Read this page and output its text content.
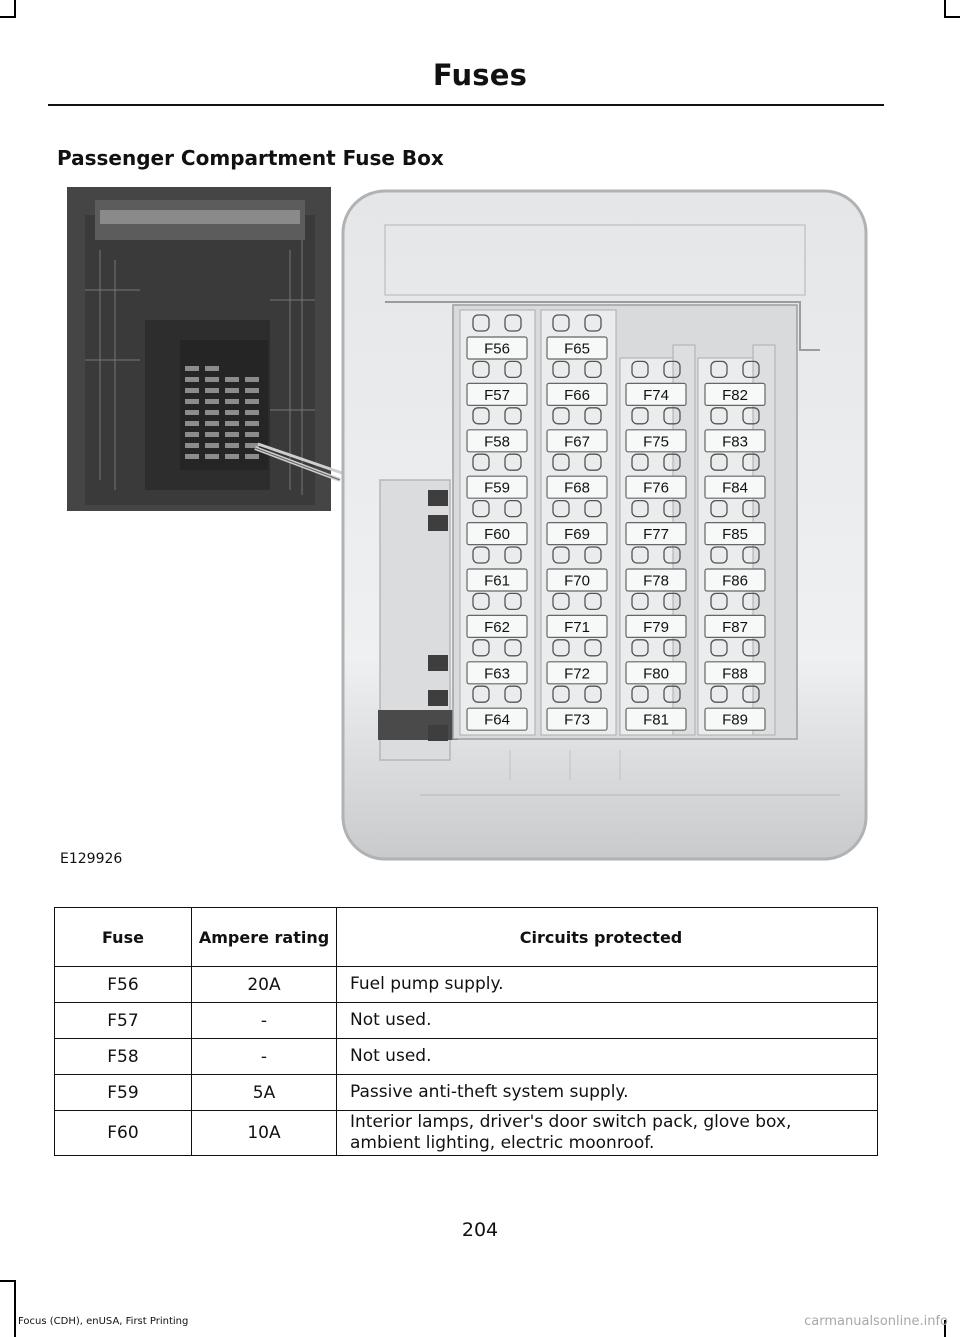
Fuses
Passenger Compartment Fuse Box
F56
F57
F58
F59
F60
F61
F62
F63
F64
F65
F66
F67
F68
F69
F70
F71
F72
F73
F74
F75
F76
F77
F78
F79
F80
F81
F82
F83
F84
F85
F86
F87
F88
F89
E129926
Fuse	Ampere rating	Circuits protected
F56	20A	Fuel pump supply.
F57	-	Not used.
F58	-	Not used.
F59	5A	Passive anti-theft system supply.
F60	10A	Interior lamps, driver's door switch pack, glove box, ambient lighting, electric moonroof.
204
Focus (CDH), enUSA, First Printing	carmanualsonline.info
